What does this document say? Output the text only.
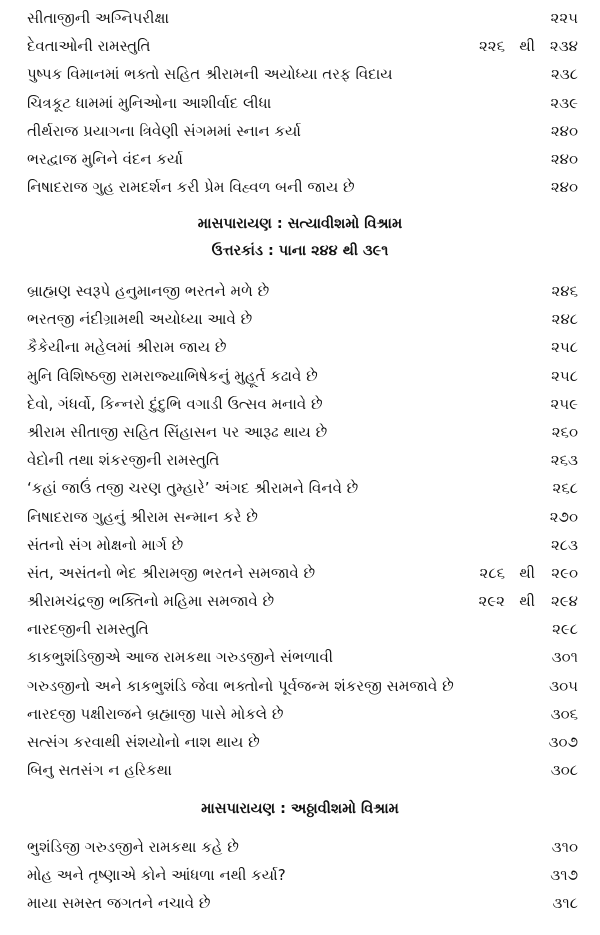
સીતાજીની અગ્નિપરીક્ષા	૨૨૫
દેવતાઓની રામસ્તુતિ	૨૨૬ થી ૨૩૪
પુષ્પક વિમાનમાં ભક્તો સહિત શ્રીરામની અયોધ્યા તરફ વિદાય	૨૩૮
ચિત્રકૂટ ધામમાં મુનિઓના આશીર્વાદ લીધા	૨૩૯
તીર્થરાજ પ્રયાગના ત્રિવેણી સંગમમાં સ્નાન કર્યા	૨૪૦
ભરદ્વાજ મુનિને વંદન કર્યા	૨૪૦
નિષાદરાજ ગુહ રામદર્શન કરી પ્રેમ વિહ્વળ બની જાય છે	૨૪૦
માસપારાયણ : સત્યાવીશમો વિશ્રામ
ઉત્તરકાંડ : પાના ૨૪૪ થી ૩૯૧
બ્રાહ્મણ સ્વરૂપે હનુમાનજી ભરતને મળે છે	૨૪૬
ભરતજી નંદીગ્રામથી અયોધ્યા આવે છે	૨૪૮
કૈકેયીના મહેલમાં શ્રીરામ જાય છે	૨૫૮
મુનિ વિશિષ્ઠજી રામરાજ્યાભિષેકનું મુહૂર્ત કઢાવે છે	૨૫૮
દેવો, ગંધર્વો, કિન્નરો દુંદુભિ વગાડી ઉત્સવ મનાવે છે	૨૫૯
શ્રીરામ સીતાજી સહિત સિંહાસન પર આરૂઢ થાય છે	૨૬૦
વેદોની તથા શંકરજીની રામસ્તુતિ	૨૬૩
‘કહાં જાઉં તજી ચરણ તુમ્હારે’ અંગદ શ્રીરામને વિનવે છે	૨૬૮
નિષાદરાજ ગુહનું શ્રીરામ સન્માન કરે છે	૨૭૦
સંતનો સંગ મોક્ષનો માર્ગ છે	૨૮૩
સંત, અસંતનો ભેદ શ્રીરામજી ભરતને સમજાવે છે	૨૮૬ થી ૨૯૦
શ્રીરામચંદ્રજી ભક્તિનો મહિમા સમજાવે છે	૨૯૨ થી ૨૯૪
નારદજીની રામસ્તુતિ	૨૯૮
કાકભુશંડિજીએ આજ રામકથા ગરુડજીને સંભળાવી	૩૦૧
ગરુડજીનો અને કાકભુશંડિ જેવા ભક્તોનો પૂર્વજન્મ શંકરજી સમજાવે છે	૩૦૫
નારદજી પક્ષીરાજને બ્રહ્માજી પાસે મોકલે છે	૩૦૬
સત્સંગ કરવાથી સંશયોનો નાશ થાય છે	૩૦૭
બિનુ સતસંગ ન હરિકથા	૩૦૮
માસપારાયણ : અઠ્ઠાવીશમો વિશ્રામ
ભુશંડિજી ગરુડજીને રામકથા કહે છે	૩૧૦
મોહ અને તૃષ્ણાએ કોને આંધળા નથી કર્યા?	૩૧૭
માયા સમસ્ત જગતને નચાવે છે	૩૧૮
